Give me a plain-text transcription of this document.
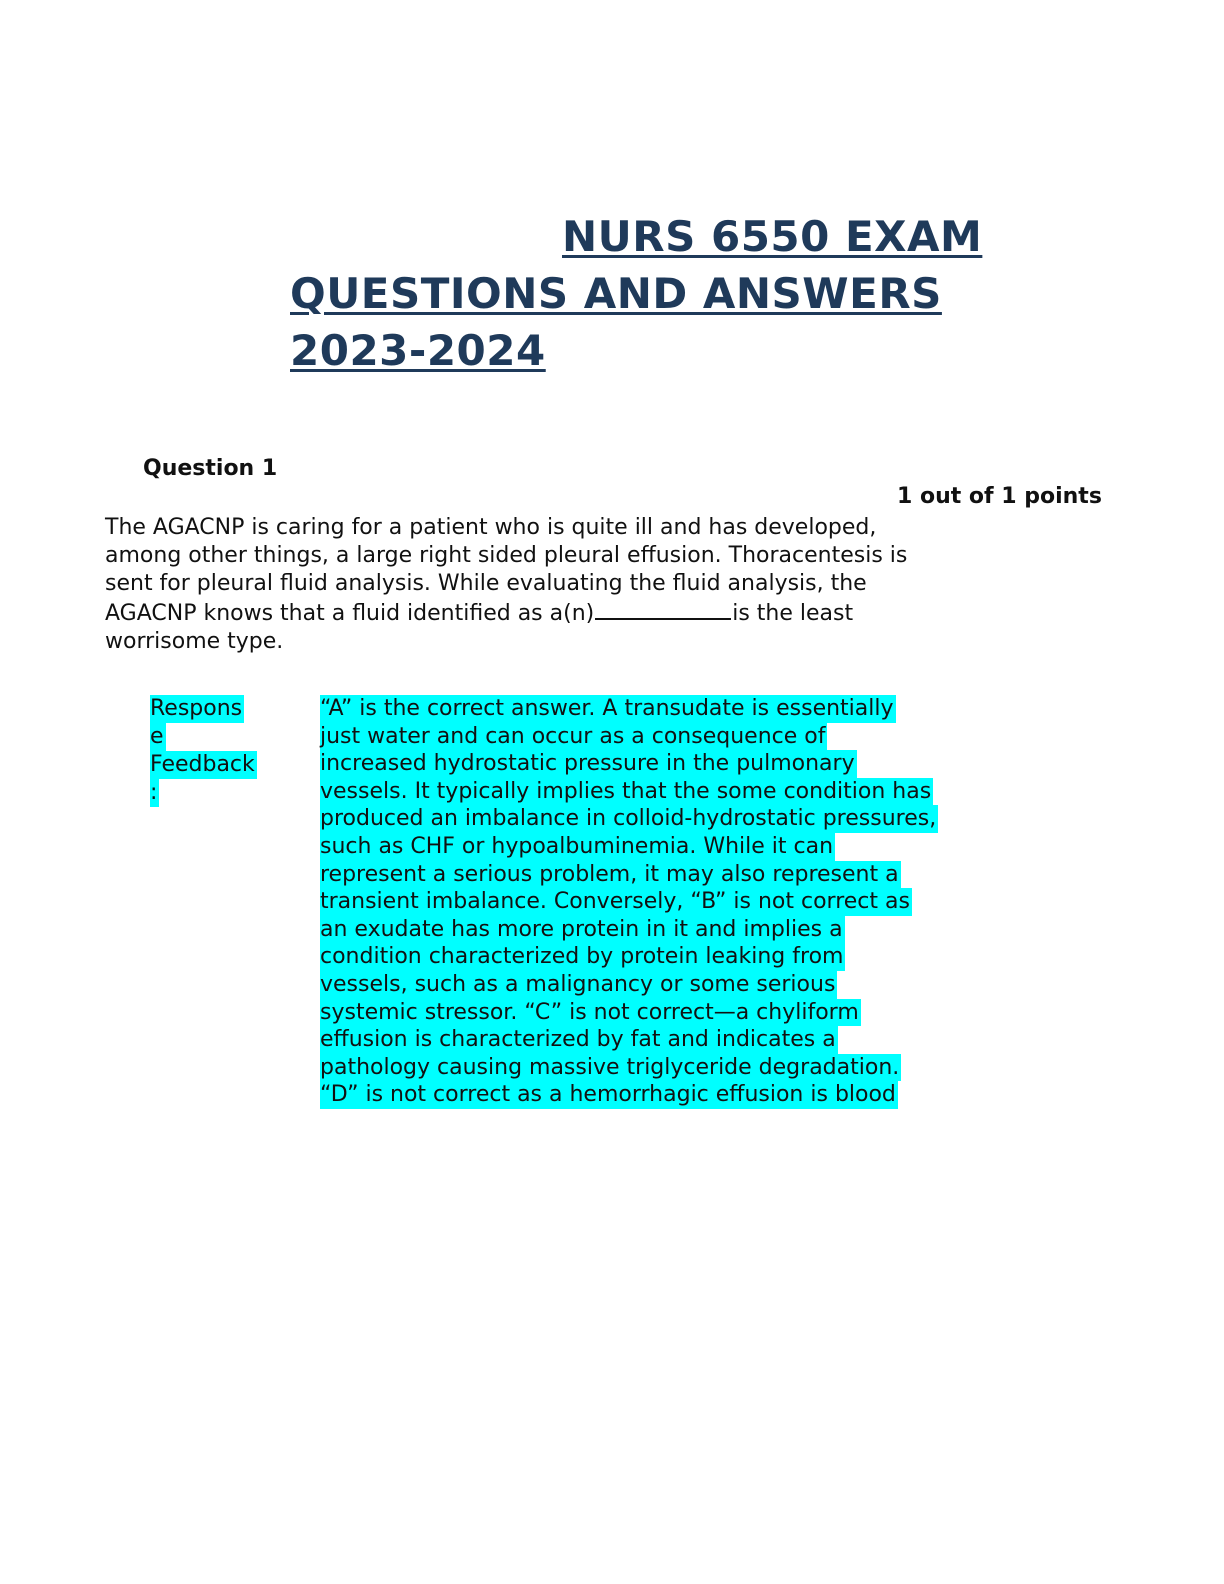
NURS 6550 EXAM
QUESTIONS AND ANSWERS
2023-2024

Question 1

1 out of 1 points

The AGACNP is caring for a patient who is quite ill and has developed,
among other things, a large right sided pleural effusion. Thoracentesis is
sent for pleural fluid analysis. While evaluating the fluid analysis, the
AGACNP knows that a fluid identified as a(n)	is the least
worrisome type.

Respons
e
Feedback
:

“A” is the correct answer. A transudate is essentially
just water and can occur as a consequence of
increased hydrostatic pressure in the pulmonary
vessels. It typically implies that the some condition has
produced an imbalance in colloid-hydrostatic pressures,
such as CHF or hypoalbuminemia. While it can
represent a serious problem, it may also represent a
transient imbalance. Conversely, “B” is not correct as
an exudate has more protein in it and implies a
condition characterized by protein leaking from
vessels, such as a malignancy or some serious
systemic stressor. “C” is not correct—a chyliform
effusion is characterized by fat and indicates a
pathology causing massive triglyceride degradation.
“D” is not correct as a hemorrhagic effusion is blood
